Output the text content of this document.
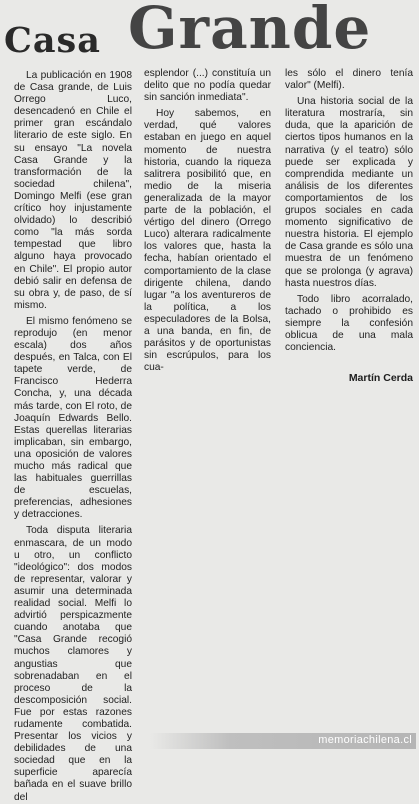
Casa Grande

La publicación en 1908 de Casa grande, de Luis Orrego Luco, desencadenó en Chile el primer gran escándalo literario de este siglo. En su ensayo "La novela Casa Grande y la transformación de la sociedad chilena", Domingo Melfi (ese gran crítico hoy injustamente olvidado) lo describió como "la más sorda tempestad que libro alguno haya provocado en Chile". El propio autor debió salir en defensa de su obra y, de paso, de sí mismo.

El mismo fenómeno se reprodujo (en menor escala) dos años después, en Talca, con El tapete verde, de Francisco Hederra Concha, y, una década más tarde, con El roto, de Joaquín Edwards Bello. Estas querellas literarias implicaban, sin embargo, una oposición de valores mucho más radical que las habituales guerrillas de escuelas, preferencias, adhesiones y detracciones.

Toda disputa literaria enmascara, de un modo u otro, un conflicto "ideológico": dos modos de representar, valorar y asumir una determinada realidad social. Melfi lo advirtió perspicazmente cuando anotaba que "Casa Grande recogió muchos clamores y angustias que sobrenadaban en el proceso de la descomposición social. Fue por estas razones rudamente combatida. Presentar los vicios y debilidades de una sociedad que en la superficie aparecía bañada en el suave brillo del

esplendor (...) constituía un delito que no podía quedar sin sanción inmediata".

Hoy sabemos, en verdad, qué valores estaban en juego en aquel momento de nuestra historia, cuando la riqueza salitrera posibilitó que, en medio de la miseria generalizada de la mayor parte de la población, el vértigo del dinero (Orrego Luco) alterara radicalmente los valores que, hasta la fecha, habían orientado el comportamiento de la clase dirigente chilena, dando lugar "a los aventureros de la política, a los especuladores de la Bolsa, a una banda, en fin, de parásitos y de oportunistas sin escrúpulos, para los cua-

les sólo el dinero tenía valor" (Melfi).

Una historia social de la literatura mostraría, sin duda, que la aparición de ciertos tipos humanos en la narrativa (y el teatro) sólo puede ser explicada y comprendida mediante un análisis de los diferentes comportamientos de los grupos sociales en cada momento significativo de nuestra historia. El ejemplo de Casa grande es sólo una muestra de un fenómeno que se prolonga (y agrava) hasta nuestros días.

Todo libro acorralado, tachado o prohibido es siempre la confesión oblicua de una mala conciencia.

Martín Cerda
memoriachilena.cl
